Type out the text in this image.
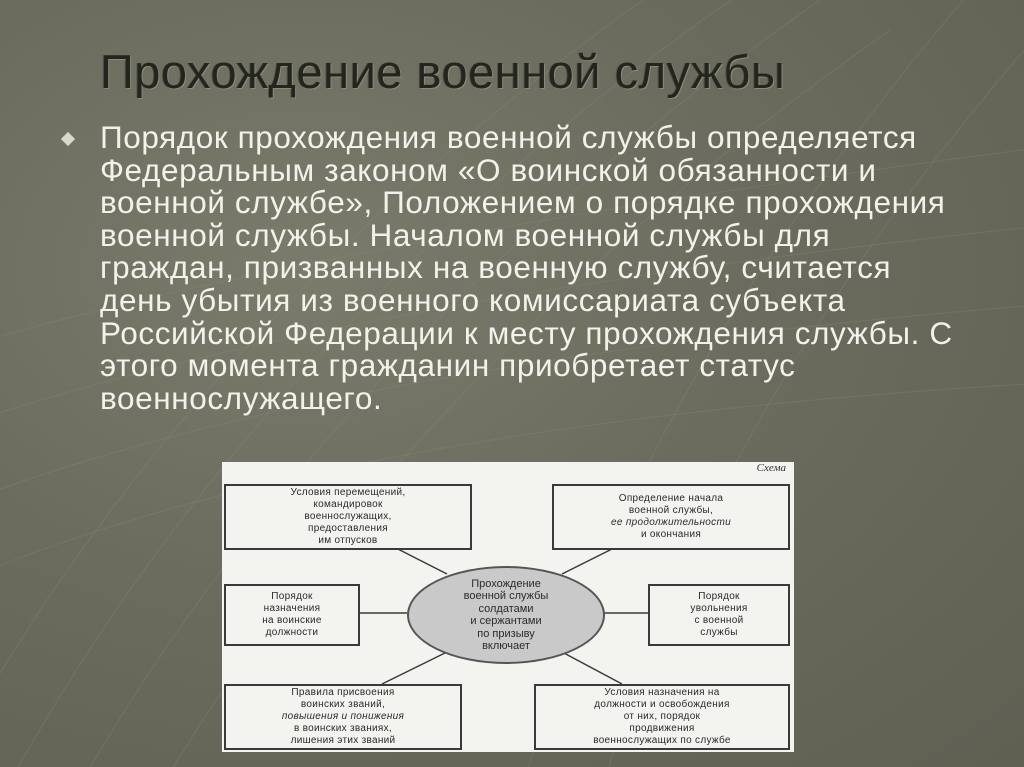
Прохождение военной службы
Порядок прохождения военной службы определяется Федеральным законом «О воинской обязанности и военной службе», Положением о порядке прохождения военной службы. Началом военной службы для граждан, призванных на военную службу, считается день убытия из военного комиссариата субъекта Российской Федерации к месту прохождения службы. С этого момента гражданин приобретает статус военнослужащего.
Схема
Условия перемещений,
командировок
военнослужащих,
предоставления
им отпусков
Определение начала
военной службы,
ее продолжительности
и окончания
Порядок
назначения
на воинские
должности
Порядок
увольнения
с военной
службы
Правила присвоения
воинских званий,
повышения и понижения
в воинских званиях,
лишения этих званий
Условия назначения на
должности и освобождения
от них, порядок
продвижения
военнослужащих по службе
Прохождение
военной службы
солдатами
и сержантами
по призыву
включает
